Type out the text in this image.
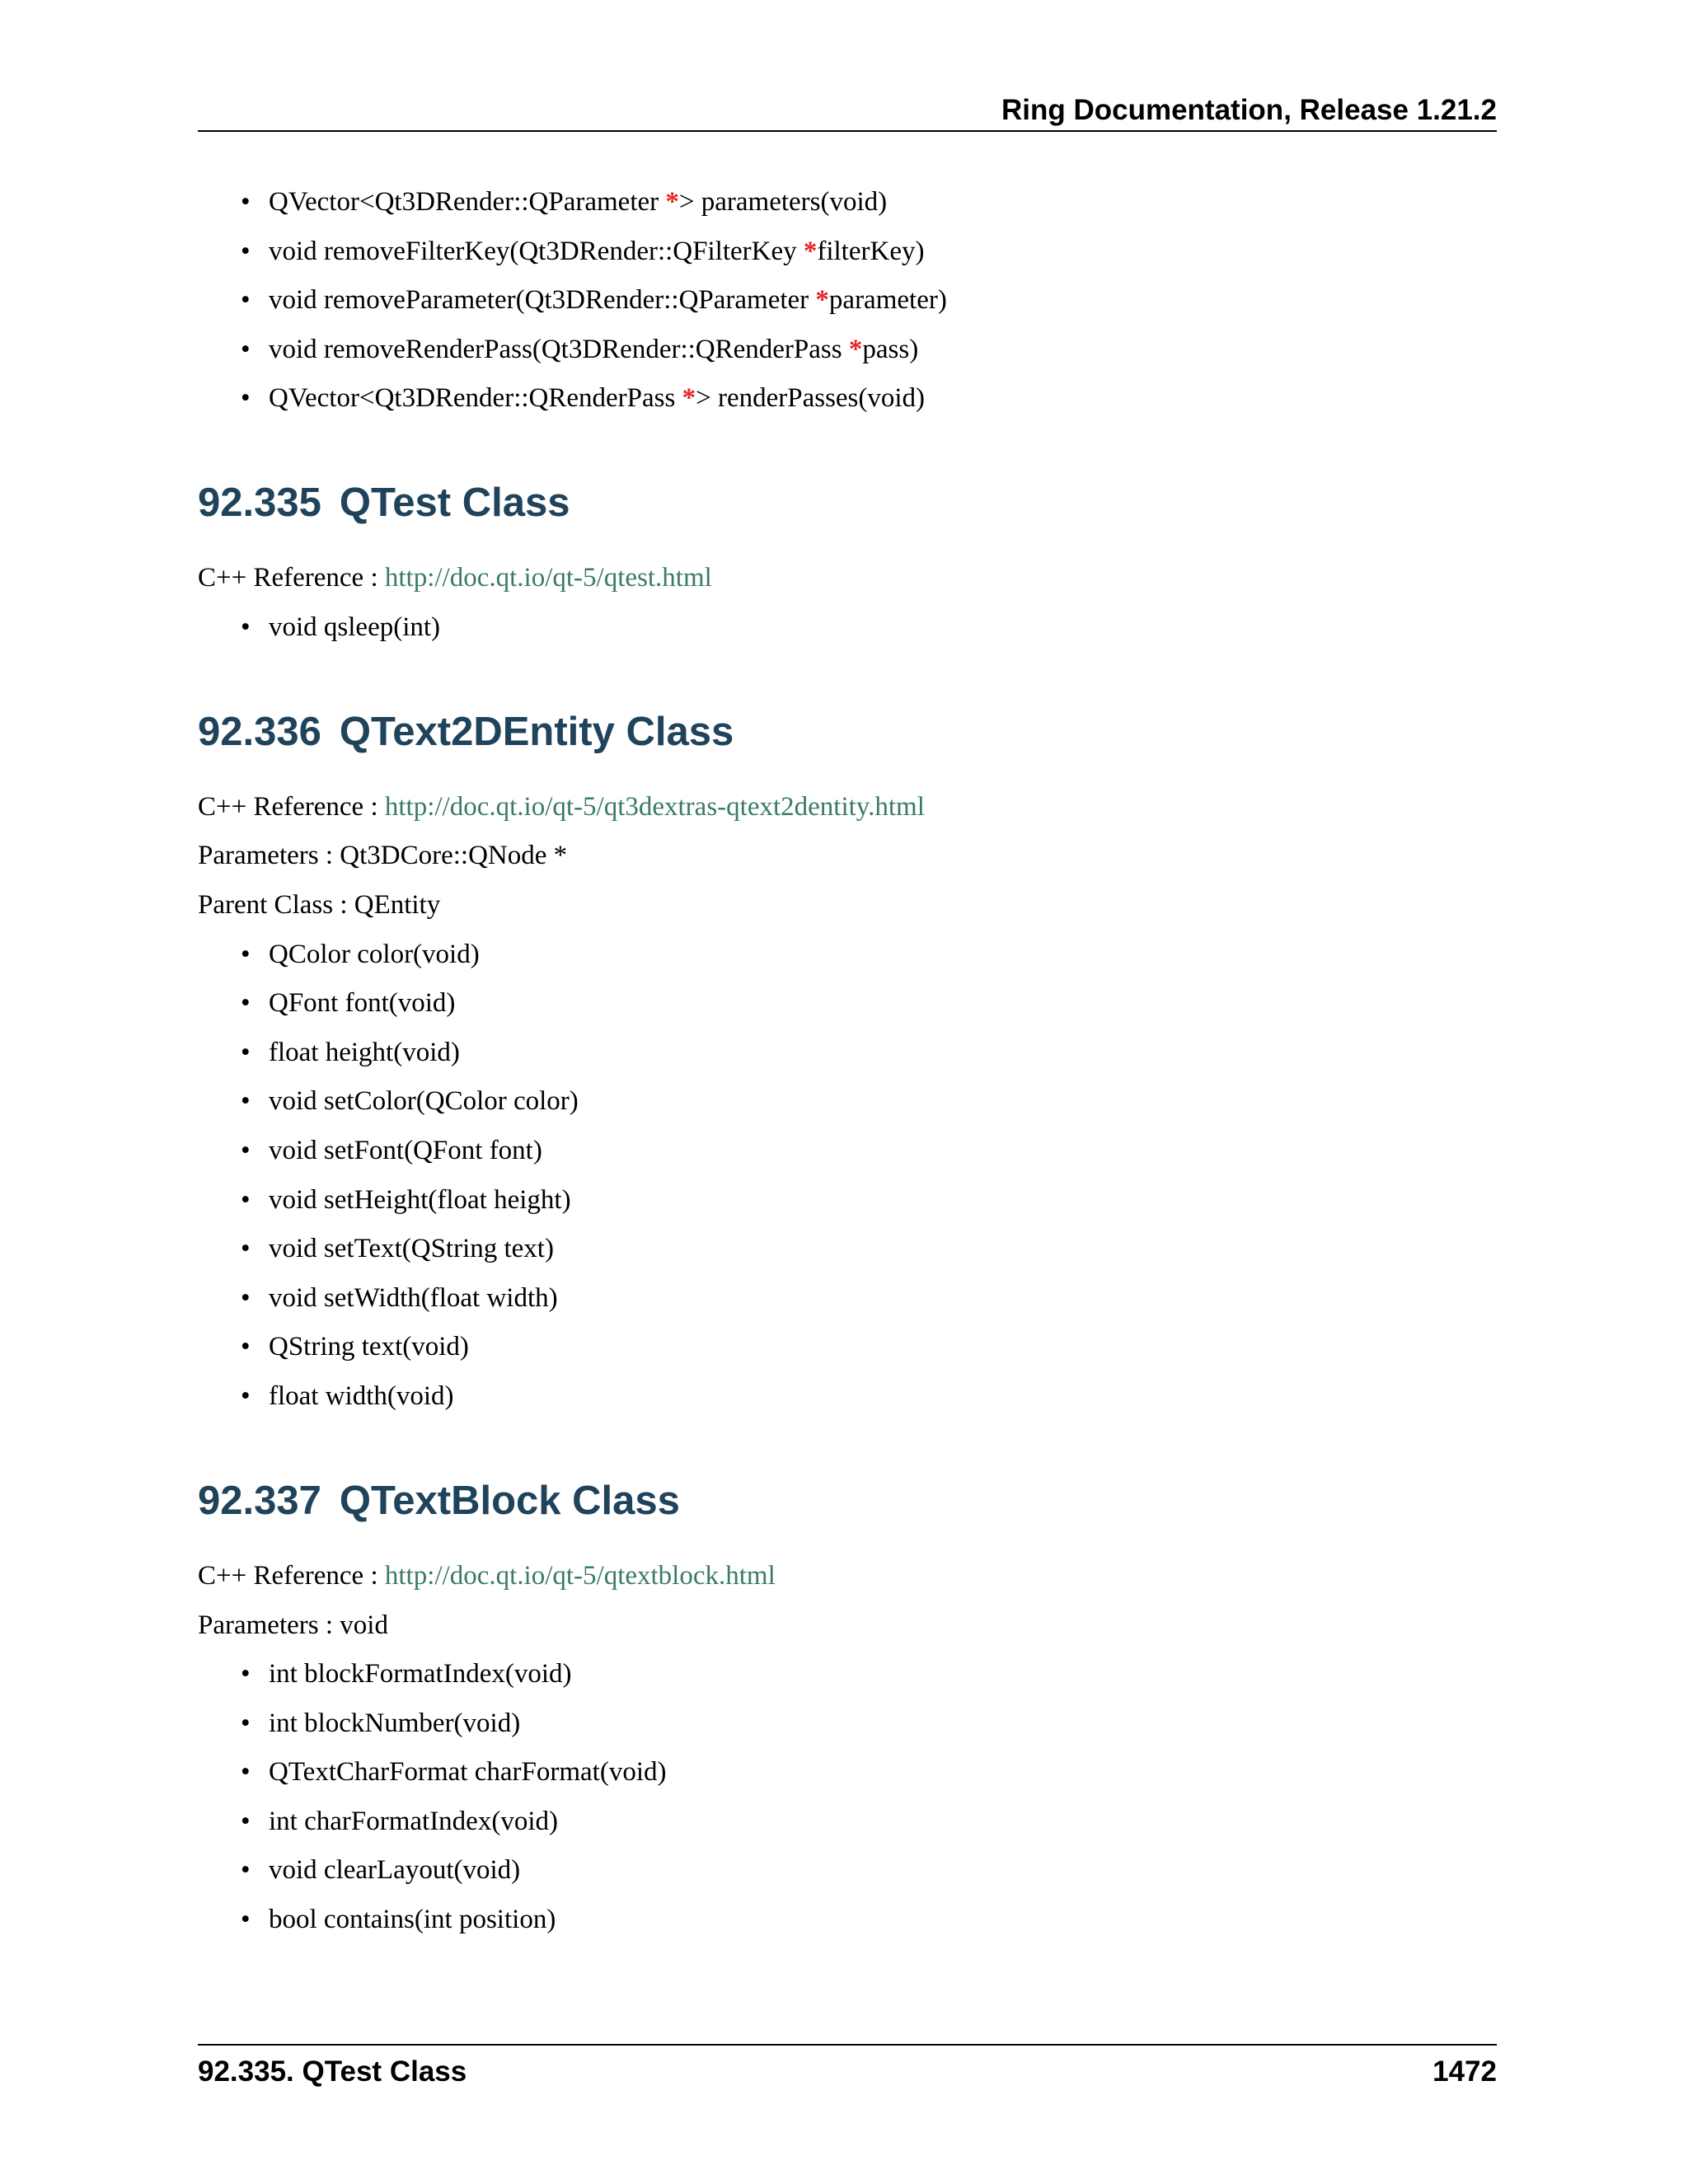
Ring Documentation, Release 1.21.2
• QVector<Qt3DRender::QParameter *> parameters(void)
• void removeFilterKey(Qt3DRender::QFilterKey *filterKey)
• void removeParameter(Qt3DRender::QParameter *parameter)
• void removeRenderPass(Qt3DRender::QRenderPass *pass)
• QVector<Qt3DRender::QRenderPass *> renderPasses(void)
92.335 QTest Class
C++ Reference : http://doc.qt.io/qt-5/qtest.html
• void qsleep(int)
92.336 QText2DEntity Class
C++ Reference : http://doc.qt.io/qt-5/qt3dextras-qtext2dentity.html
Parameters : Qt3DCore::QNode *
Parent Class : QEntity
• QColor color(void)
• QFont font(void)
• float height(void)
• void setColor(QColor color)
• void setFont(QFont font)
• void setHeight(float height)
• void setText(QString text)
• void setWidth(float width)
• QString text(void)
• float width(void)
92.337 QTextBlock Class
C++ Reference : http://doc.qt.io/qt-5/qtextblock.html
Parameters : void
• int blockFormatIndex(void)
• int blockNumber(void)
• QTextCharFormat charFormat(void)
• int charFormatIndex(void)
• void clearLayout(void)
• bool contains(int position)
92.335. QTest Class	1472
